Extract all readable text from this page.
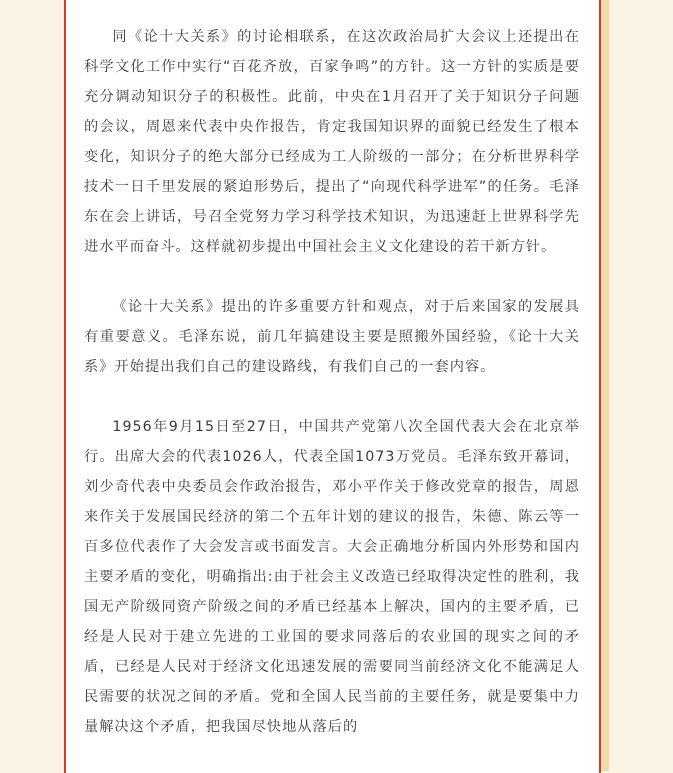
同《论十大关系》的讨论相联系，在这次政治局扩大会议上还提出在科学文化工作中实行“百花齐放，百家争鸣”的方针。这一方针的实质是要充分调动知识分子的积极性。此前，中央在1月召开了关于知识分子问题的会议，周恩来代表中央作报告，肯定我国知识界的面貌已经发生了根本变化，知识分子的绝大部分已经成为工人阶级的一部分；在分析世界科学技术一日千里发展的紧迫形势后，提出了“向现代科学进军”的任务。毛泽东在会上讲话，号召全党努力学习科学技术知识，为迅速赶上世界科学先进水平而奋斗。这样就初步提出中国社会主义文化建设的若干新方针。

《论十大关系》提出的许多重要方针和观点，对于后来国家的发展具有重要意义。毛泽东说，前几年搞建设主要是照搬外国经验，《论十大关系》开始提出我们自己的建设路线，有我们自己的一套内容。

1956年9月15日至27日，中国共产党第八次全国代表大会在北京举行。出席大会的代表1026人，代表全国1073万党员。毛泽东致开幕词，刘少奇代表中央委员会作政治报告，邓小平作关于修改党章的报告，周恩来作关于发展国民经济的第二个五年计划的建议的报告，朱德、陈云等一百多位代表作了大会发言或书面发言。大会正确地分析国内外形势和国内主要矛盾的变化，明确指出:由于社会主义改造已经取得决定性的胜利，我国无产阶级同资产阶级之间的矛盾已经基本上解决，国内的主要矛盾，已经是人民对于建立先进的工业国的要求同落后的农业国的现实之间的矛盾，已经是人民对于经济文化迅速发展的需要同当前经济文化不能满足人民需要的状况之间的矛盾。党和全国人民当前的主要任务，就是要集中力量解决这个矛盾，把我国尽快地从落后的
